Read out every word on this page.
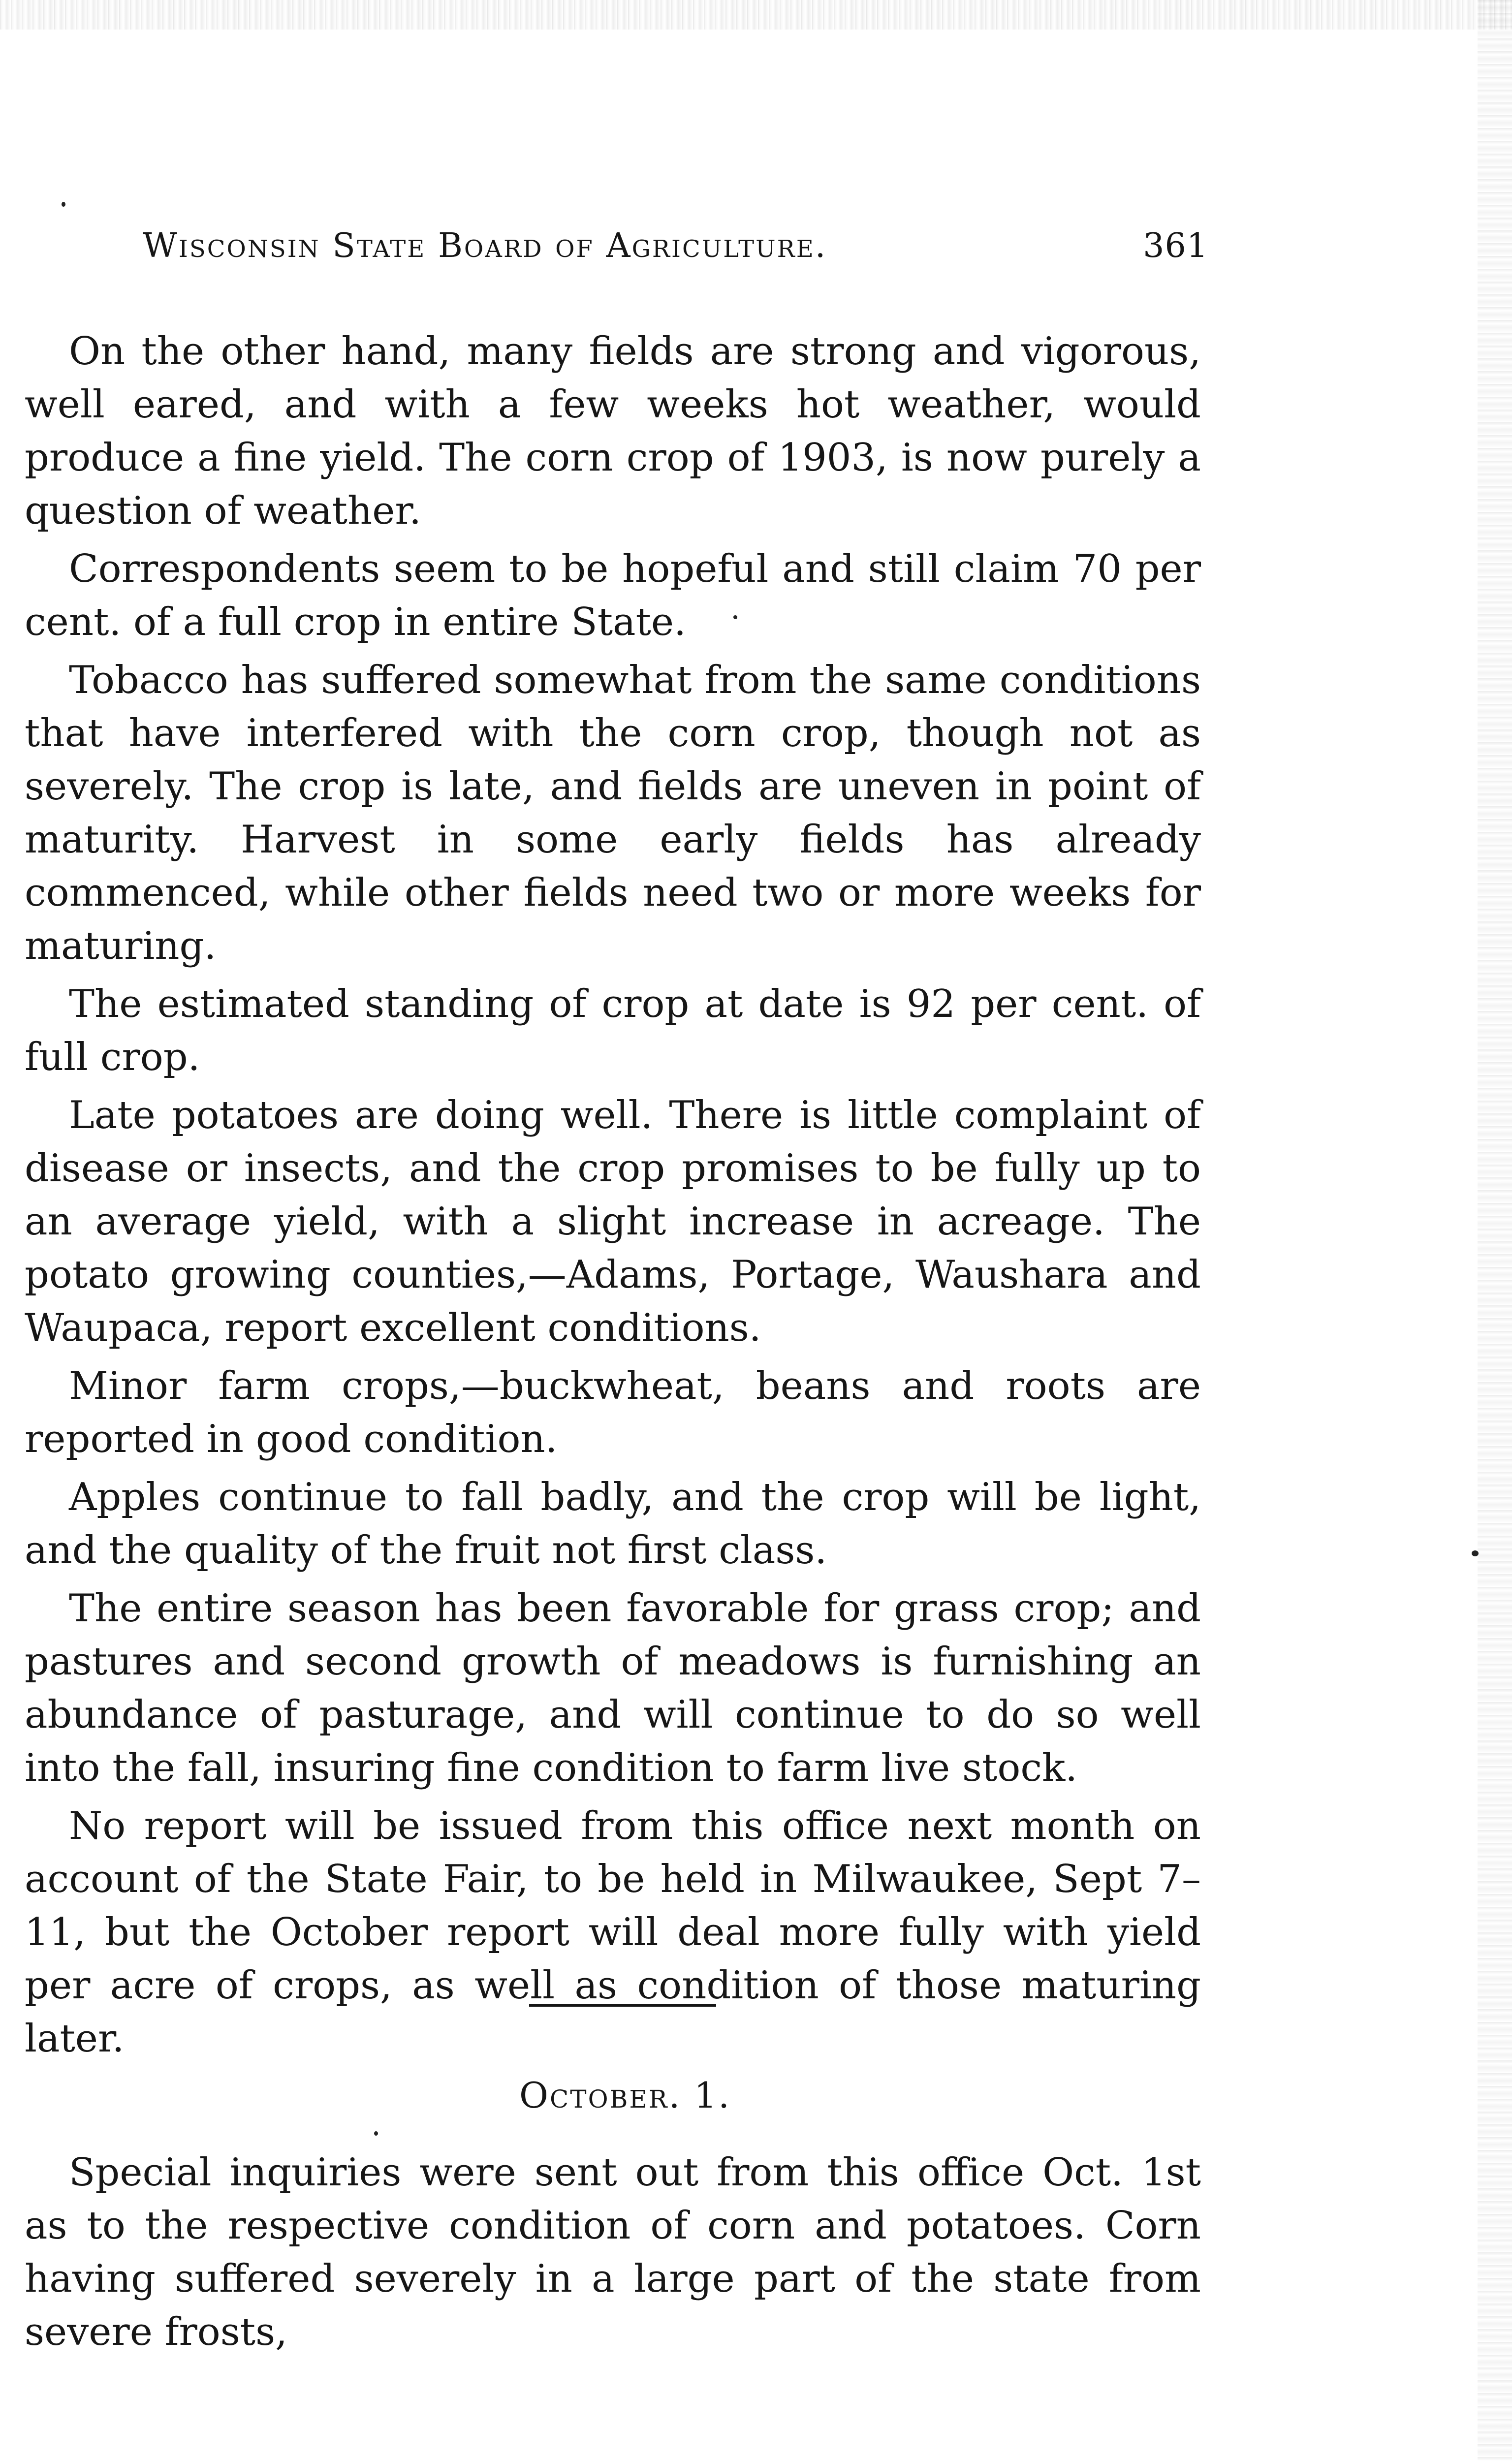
Wisconsin State Board of Agriculture.	361

On the other hand, many fields are strong and vigorous, well eared, and with a few weeks hot weather, would produce a fine yield. The corn crop of 1903, is now purely a question of weather.

Correspondents seem to be hopeful and still claim 70 per cent. of a full crop in entire State.

Tobacco has suffered somewhat from the same conditions that have interfered with the corn crop, though not as severely. The crop is late, and fields are uneven in point of maturity. Harvest in some early fields has already commenced, while other fields need two or more weeks for maturing.

The estimated standing of crop at date is 92 per cent. of full crop.

Late potatoes are doing well. There is little complaint of disease or insects, and the crop promises to be fully up to an average yield, with a slight increase in acreage. The potato growing counties,—Adams, Portage, Waushara and Waupaca, report excellent conditions.

Minor farm crops,—buckwheat, beans and roots are reported in good condition.

Apples continue to fall badly, and the crop will be light, and the quality of the fruit not first class.

The entire season has been favorable for grass crop; and pastures and second growth of meadows is furnishing an abundance of pasturage, and will continue to do so well into the fall, insuring fine condition to farm live stock.

No report will be issued from this office next month on account of the State Fair, to be held in Milwaukee, Sept 7–11, but the October report will deal more fully with yield per acre of crops, as well as condition of those maturing later.

October. 1.

Special inquiries were sent out from this office Oct. 1st as to the respective condition of corn and potatoes. Corn having suffered severely in a large part of the state from severe frosts,
